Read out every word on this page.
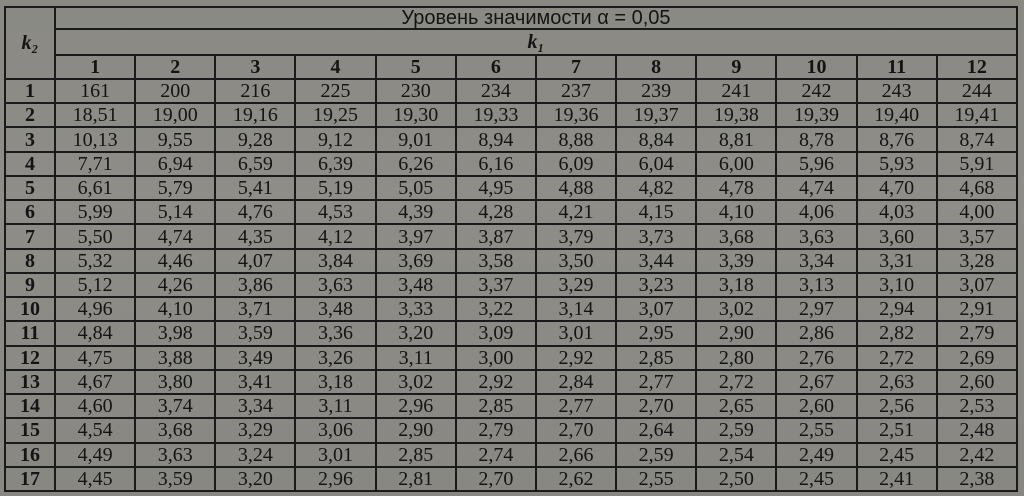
k₂	Уровень значимости α = 0,05											
	k₁											
	1	2	3	4	5	6	7	8	9	10	11	12
1	161	200	216	225	230	234	237	239	241	242	243	244
2	18,51	19,00	19,16	19,25	19,30	19,33	19,36	19,37	19,38	19,39	19,40	19,41
3	10,13	9,55	9,28	9,12	9,01	8,94	8,88	8,84	8,81	8,78	8,76	8,74
4	7,71	6,94	6,59	6,39	6,26	6,16	6,09	6,04	6,00	5,96	5,93	5,91
5	6,61	5,79	5,41	5,19	5,05	4,95	4,88	4,82	4,78	4,74	4,70	4,68
6	5,99	5,14	4,76	4,53	4,39	4,28	4,21	4,15	4,10	4,06	4,03	4,00
7	5,50	4,74	4,35	4,12	3,97	3,87	3,79	3,73	3,68	3,63	3,60	3,57
8	5,32	4,46	4,07	3,84	3,69	3,58	3,50	3,44	3,39	3,34	3,31	3,28
9	5,12	4,26	3,86	3,63	3,48	3,37	3,29	3,23	3,18	3,13	3,10	3,07
10	4,96	4,10	3,71	3,48	3,33	3,22	3,14	3,07	3,02	2,97	2,94	2,91
11	4,84	3,98	3,59	3,36	3,20	3,09	3,01	2,95	2,90	2,86	2,82	2,79
12	4,75	3,88	3,49	3,26	3,11	3,00	2,92	2,85	2,80	2,76	2,72	2,69
13	4,67	3,80	3,41	3,18	3,02	2,92	2,84	2,77	2,72	2,67	2,63	2,60
14	4,60	3,74	3,34	3,11	2,96	2,85	2,77	2,70	2,65	2,60	2,56	2,53
15	4,54	3,68	3,29	3,06	2,90	2,79	2,70	2,64	2,59	2,55	2,51	2,48
16	4,49	3,63	3,24	3,01	2,85	2,74	2,66	2,59	2,54	2,49	2,45	2,42
17	4,45	3,59	3,20	2,96	2,81	2,70	2,62	2,55	2,50	2,45	2,41	2,38
